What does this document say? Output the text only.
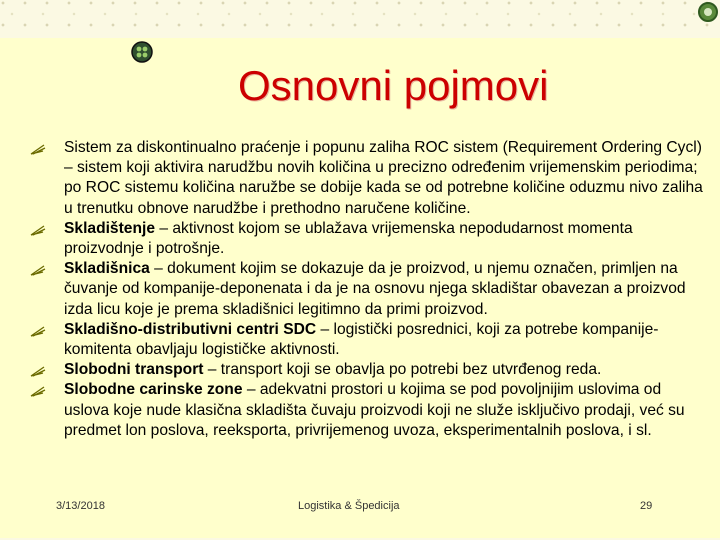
Osnovni pojmovi
Sistem za diskontinualno praćenje i popunu zaliha ROC sistem (Requirement Ordering Cycl) – sistem koji aktivira narudžbu novih količina u precizno određenim vrijemenskim periodima; po ROC sistemu količina naružbe se dobije kada se od potrebne količine oduzmu nivo zaliha u trenutku obnove narudžbe i prethodno naručene količine.
Skladištenje – aktivnost kojom se ublažava vrijemenska nepodudarnost momenta proizvodnje i potrošnje.
Skladišnica – dokument kojim se dokazuje da je proizvod, u njemu označen, primljen na čuvanje od kompanije-deponenata i da je na osnovu njega skladištar obavezan a proizvod izda licu koje je prema skladišnici legitimno da primi proizvod.
Skladišno-distributivni centri SDC – logistički posrednici, koji za potrebe kompanije-komitenta obavljaju logističke aktivnosti.
Slobodni transport – transport koji se obavlja po potrebi bez utvrđenog reda.
Slobodne carinske zone – adekvatni prostori u kojima se pod povoljnijim uslovima od uslova koje nude klasična skladišta čuvaju proizvodi koji ne služe isključivo prodaji, već su predmet lon poslova, reeksporta, privrijemenog uvoza, eksperimentalnih poslova, i sl.
3/13/2018	Logistika & Špedicija	29
